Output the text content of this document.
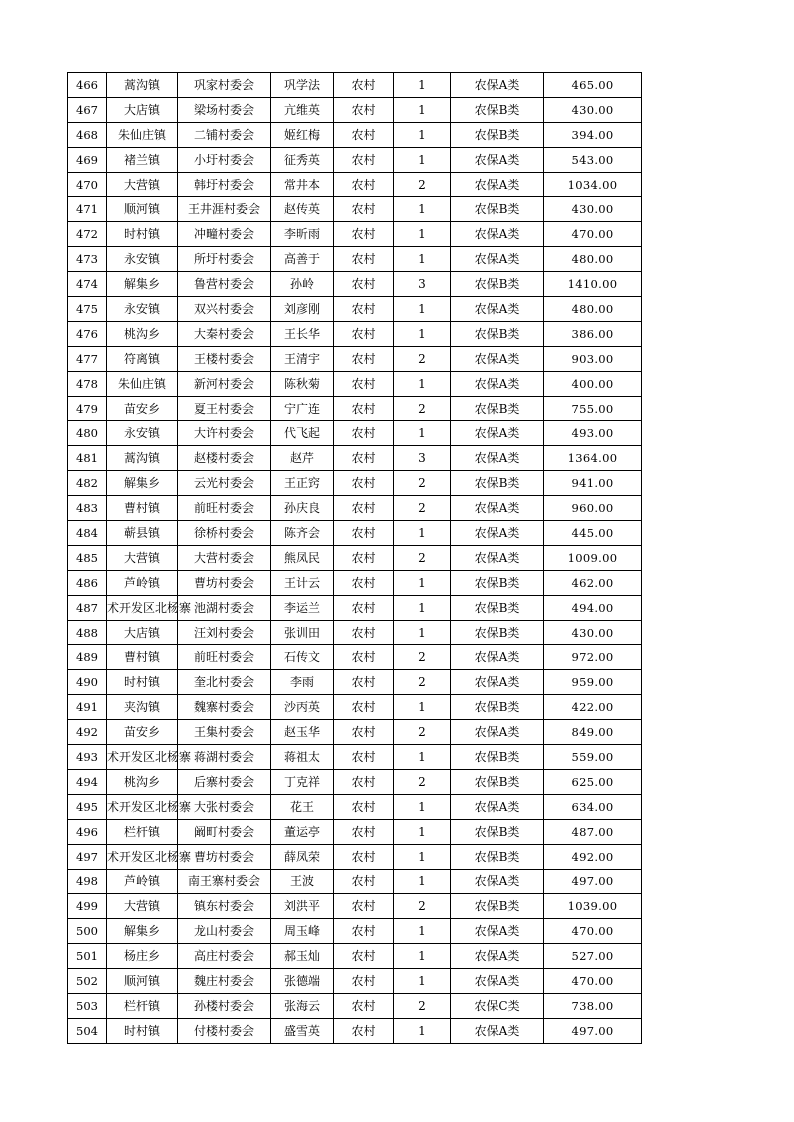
466	蒿沟镇	巩家村委会	巩学法	农村	1	农保A类	465.00
467	大店镇	梁场村委会	亢维英	农村	1	农保B类	430.00
468	朱仙庄镇	二铺村委会	姬红梅	农村	1	农保B类	394.00
469	褚兰镇	小圩村委会	征秀英	农村	1	农保A类	543.00
470	大营镇	韩圩村委会	常井本	农村	2	农保A类	1034.00
471	顺河镇	王井涯村委会	赵传英	农村	1	农保B类	430.00
472	时村镇	冲疃村委会	李昕雨	农村	1	农保A类	470.00
473	永安镇	所圩村委会	高善于	农村	1	农保A类	480.00
474	解集乡	鲁营村委会	孙岭	农村	3	农保B类	1410.00
475	永安镇	双兴村委会	刘彦刚	农村	1	农保A类	480.00
476	桃沟乡	大秦村委会	王长华	农村	1	农保B类	386.00
477	符离镇	王楼村委会	王清宇	农村	2	农保A类	903.00
478	朱仙庄镇	新河村委会	陈秋菊	农村	1	农保A类	400.00
479	苗安乡	夏王村委会	宁广连	农村	2	农保B类	755.00
480	永安镇	大许村委会	代飞起	农村	1	农保A类	493.00
481	蒿沟镇	赵楼村委会	赵芹	农村	3	农保A类	1364.00
482	解集乡	云光村委会	王正窍	农村	2	农保B类	941.00
483	曹村镇	前旺村委会	孙庆良	农村	2	农保A类	960.00
484	蕲县镇	徐桥村委会	陈齐会	农村	1	农保A类	445.00
485	大营镇	大营村委会	熊凤民	农村	2	农保A类	1009.00
486	芦岭镇	曹坊村委会	王计云	农村	1	农保B类	462.00
487	术开发区北杨寨	池湖村委会	李运兰	农村	1	农保B类	494.00
488	大店镇	汪刘村委会	张训田	农村	1	农保B类	430.00
489	曹村镇	前旺村委会	石传文	农村	2	农保A类	972.00
490	时村镇	奎北村委会	李雨	农村	2	农保A类	959.00
491	夹沟镇	魏寨村委会	沙丙英	农村	1	农保B类	422.00
492	苗安乡	王集村委会	赵玉华	农村	2	农保A类	849.00
493	术开发区北杨寨	蒋湖村委会	蒋祖太	农村	1	农保B类	559.00
494	桃沟乡	后寨村委会	丁克祥	农村	2	农保B类	625.00
495	术开发区北杨寨	大张村委会	花王	农村	1	农保A类	634.00
496	栏杆镇	阚町村委会	董运亭	农村	1	农保B类	487.00
497	术开发区北杨寨	曹坊村委会	薛凤荣	农村	1	农保B类	492.00
498	芦岭镇	南王寨村委会	王波	农村	1	农保A类	497.00
499	大营镇	镇东村委会	刘洪平	农村	2	农保B类	1039.00
500	解集乡	龙山村委会	周玉峰	农村	1	农保A类	470.00
501	杨庄乡	高庄村委会	郝玉灿	农村	1	农保A类	527.00
502	顺河镇	魏庄村委会	张德端	农村	1	农保A类	470.00
503	栏杆镇	孙楼村委会	张海云	农村	2	农保C类	738.00
504	时村镇	付楼村委会	盛雪英	农村	1	农保A类	497.00
